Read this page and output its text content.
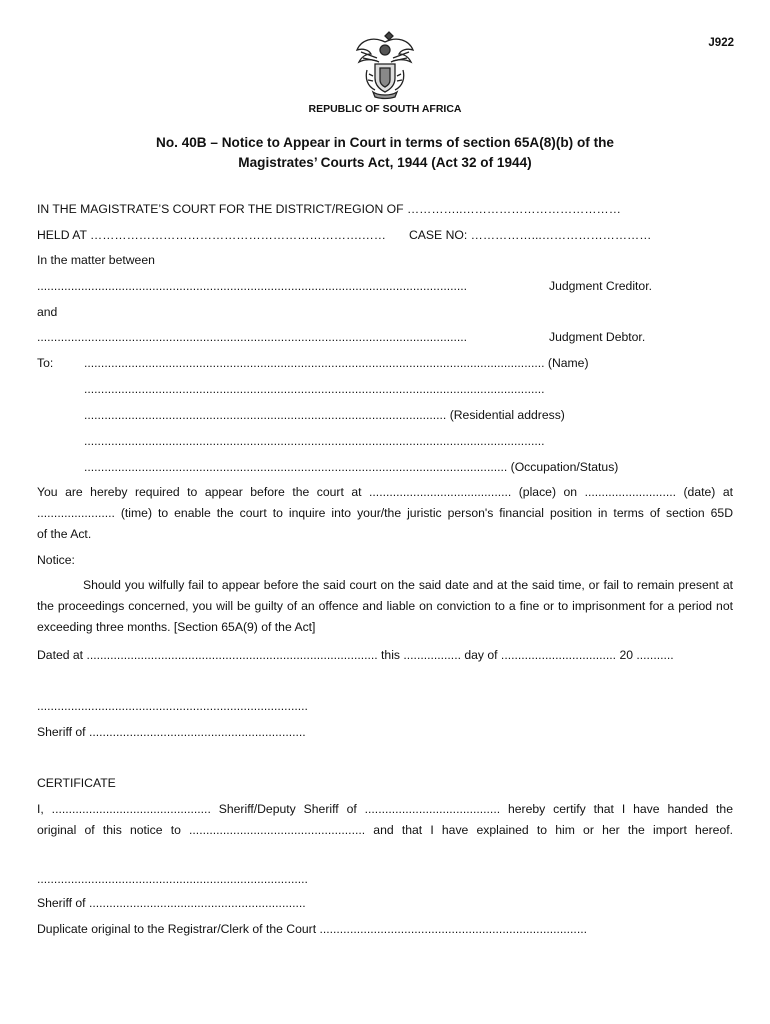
J922
REPUBLIC OF SOUTH AFRICA
No. 40B – Notice to Appear in Court in terms of section 65A(8)(b) of the
Magistrates’ Courts Act, 1944 (Act 32 of 1944)
IN THE MAGISTRATE’S COURT FOR THE DISTRICT/REGION OF …………..…………………………………
HELD AT ………………………………………………………….…… CASE NO: ……………...………………………
In the matter between
...............................................................................................................................	Judgment Creditor.
and
...............................................................................................................................	Judgment Debtor.
To:	........................................................................................................................................ (Name)
........................................................................................................................................
........................................................................................................... (Residential address)
........................................................................................................................................
............................................................................................................................. (Occupation/Status)
You are hereby required to appear before the court at .......................................... (place) on ........................... (date) at
....................... (time) to enable the court to inquire into your/the juristic person's financial position in terms of section 65D
of the Act.
Notice:
Should you wilfully fail to appear before the said court on the said date and at the said time, or fail to remain present at the proceedings concerned, you will be guilty of an offence and liable on conviction to a fine or to imprisonment for a period not exceeding three months. [Section 65A(9) of the Act]
Dated at ...................................................................................... this ................. day of .................................. 20 ...........
................................................................................
Sheriff of ................................................................
CERTIFICATE
I, ............................................... Sheriff/Deputy Sheriff of ........................................ hereby certify that I have handed the
original of this notice to .................................................... and that I have explained to him or her the import hereof.
................................................................................
Sheriff of ................................................................
Duplicate original to the Registrar/Clerk of the Court ...............................................................................
